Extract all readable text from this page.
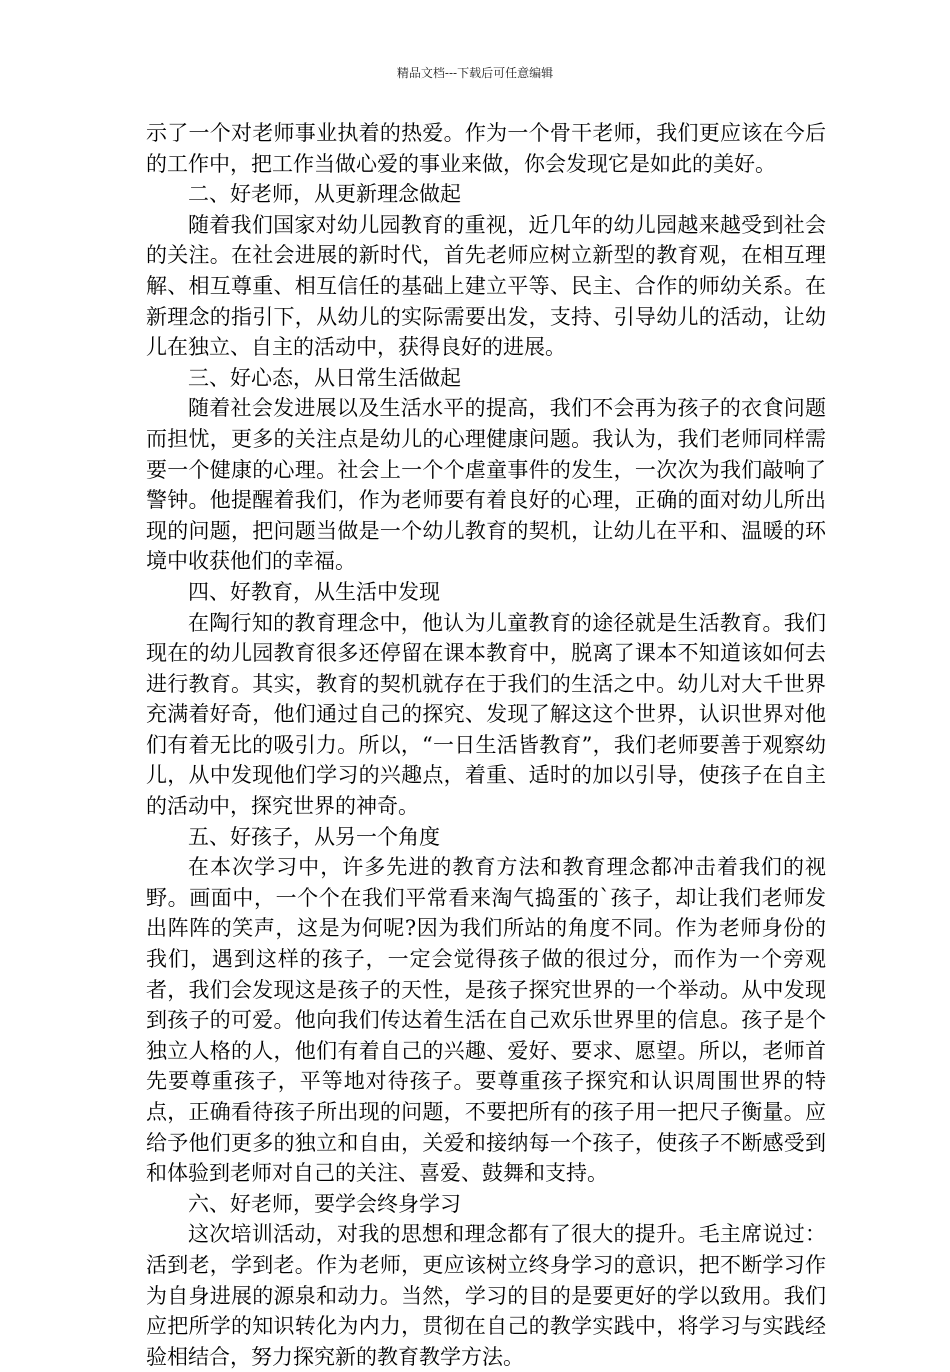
精品文档---下载后可任意编辑

示了一个对老师事业执着的热爱。作为一个骨干老师，我们更应该在今后的工作中，把工作当做心爱的事业来做，你会发现它是如此的美好。

二、好老师，从更新理念做起

随着我们国家对幼儿园教育的重视，近几年的幼儿园越来越受到社会的关注。在社会进展的新时代，首先老师应树立新型的教育观，在相互理解、相互尊重、相互信任的基础上建立平等、民主、合作的师幼关系。在新理念的指引下，从幼儿的实际需要出发，支持、引导幼儿的活动，让幼儿在独立、自主的活动中，获得良好的进展。

三、好心态，从日常生活做起

随着社会发进展以及生活水平的提高，我们不会再为孩子的衣食问题而担忧，更多的关注点是幼儿的心理健康问题。我认为，我们老师同样需要一个健康的心理。社会上一个个虐童事件的发生，一次次为我们敲响了警钟。他提醒着我们，作为老师要有着良好的心理，正确的面对幼儿所出现的问题，把问题当做是一个幼儿教育的契机，让幼儿在平和、温暖的环境中收获他们的幸福。

四、好教育，从生活中发现

在陶行知的教育理念中，他认为儿童教育的途径就是生活教育。我们现在的幼儿园教育很多还停留在课本教育中，脱离了课本不知道该如何去进行教育。其实，教育的契机就存在于我们的生活之中。幼儿对大千世界充满着好奇，他们通过自己的探究、发现了解这这个世界，认识世界对他们有着无比的吸引力。所以，“一日生活皆教育”，我们老师要善于观察幼儿，从中发现他们学习的兴趣点，着重、适时的加以引导，使孩子在自主的活动中，探究世界的神奇。

五、好孩子，从另一个角度

在本次学习中，许多先进的教育方法和教育理念都冲击着我们的视野。画面中，一个个在我们平常看来淘气捣蛋的`孩子，却让我们老师发出阵阵的笑声，这是为何呢?因为我们所站的角度不同。作为老师身份的我们，遇到这样的孩子，一定会觉得孩子做的很过分，而作为一个旁观者，我们会发现这是孩子的天性，是孩子探究世界的一个举动。从中发现到孩子的可爱。他向我们传达着生活在自己欢乐世界里的信息。孩子是个独立人格的人，他们有着自己的兴趣、爱好、要求、愿望。所以，老师首先要尊重孩子，平等地对待孩子。要尊重孩子探究和认识周围世界的特点，正确看待孩子所出现的问题，不要把所有的孩子用一把尺子衡量。应给予他们更多的独立和自由，关爱和接纳每一个孩子，使孩子不断感受到和体验到老师对自己的关注、喜爱、鼓舞和支持。

六、好老师，要学会终身学习

这次培训活动，对我的思想和理念都有了很大的提升。毛主席说过：活到老，学到老。作为老师，更应该树立终身学习的意识，把不断学习作为自身进展的源泉和动力。当然，学习的目的是要更好的学以致用。我们应把所学的知识转化为内力，贯彻在自己的教学实践中，将学习与实践经验相结合，努力探究新的教育教学方法。
